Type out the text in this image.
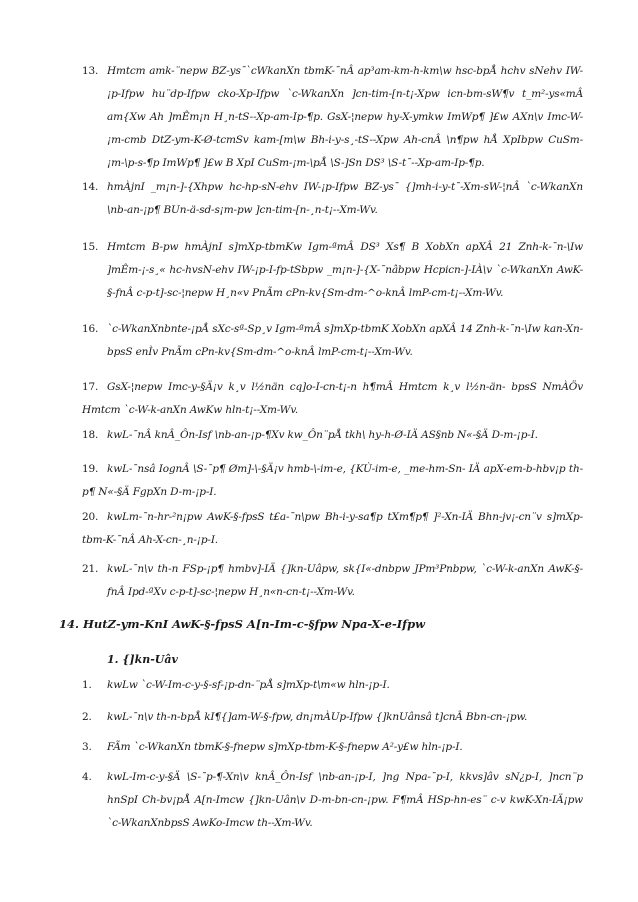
13. Hmtcm amk-¨nepw BZ-ys¯`cWkanXn tbmK-¯nÂ ap³am-km-h-km\w hsc-bpÅ hchv sNehv IW-¡p-Ifpw hu¨dp-Ifpw cko-Xp-Ifpw `c-WkanXn ]cn-tim-[n-t¡-Xpw icn-bm-sW¶v t_m²-ys«mÂ am{Xw Ah ]mÊm¡n H¸n-tS--Xp-am-Ip-¶p. GsX-¦nepw hy-X-ymkw ImWp¶ ]£w AXn\v Imc-W-¡m-cmb DtZ-ym-K-Ø-tcmSv kam-[m\w Bh-i-y-s¸-tS--Xpw Ah-cnÂ \n¶pw hÅ XpIbpw CuSm-¡m-\p-s-¶p ImWp¶ ]£w B XpI CuSm-¡m-\pÅ \S-]Sn DS³ \S-t¯--Xp-am-Ip-¶p.
14. hmÀjnI _m¡n-]-{Xhpw hc-hp-sN-ehv IW-¡p-Ifpw BZ-ys¯ {]mh-i-y-t¯-Xm-sW-¦nÂ `c-WkanXn \nb-an-¡p¶ BUn-ä-sd-s¡m-pw ]cn-tim-[n-¸n-t¡--Xm-Wv.
15. Hmtcm B-pw hmÀjnI s]mXp-tbmKw Igm-ªmÂ DS³ Xs¶ B XobXn apXÂ 21 Znh-k-¯n-\Iw ]mÊm-¡-s¸« hc-hvsN-ehv IW-¡p-I-fp-tSbpw _m¡n-]-{X-¯nâbpw Hcpicn-]-IÀ\v `c-WkanXn AwK-§-fnÂ c-p-t]-sc-¦nepw H¸n«v PnÃm cPn-kv{Sm-dm-^o-knÂ lmP-cm-t¡--Xm-Wv.
16. `c-WkanXnbnte-¡pÅ sXc-sª-Sp¸v Igm-ªmÂ s]mXp-tbmK XobXn apXÂ 14 Znh-k-¯n-\Iw kan-Xn-bpsS enÌv PnÃm cPn-kv{Sm-dm-^o-knÂ lmP-cm-t¡--Xm-Wv.
17. GsX-¦nepw Imc-y-§Ä¡v k¸v l½nän cq]o-I-cn-t¡-n h¶mÂ Hmtcm k¸v l½n-än- bpsS NmÀÖv Hmtcm `c-W-k-anXn AwKw hln-t¡--Xm-Wv.
18. kwL-¯nÂ knÂ_Ôn-Isf \nb-an-¡p-¶Xv kw_Ôn¨pÅ tkh\ hy-h-Ø-IÄ AS§nb N«-§Ä D-m-¡p-I.
19. kwL-¯nsâ IognÂ \S-¯p¶ Øm]-\-§Ä¡v hmb-\-im-e, {KÙ-im-e, _me-hm-Sn- IÄ apX-em-b-hbv¡p th-p¶ N«-§Ä FgpXn D-m-¡p-I.
20. kwLm-¯n-hr-²n¡pw AwK-§-fpsS t£a-¯n\pw Bh-i-y-sa¶p tXm¶p¶ ]²-Xn-IÄ Bhn-jv¡-cn¨v s]mXp-tbm-K-¯nÂ Ah-X-cn-¸n-¡p-I.
21. kwL-¯n\v th-n FSp-¡p¶ hmbv]-IÄ {]kn-Uâpw, sk{I«-dnbpw JPm³Pnbpw, `c-W-k-anXn AwK-§-fnÂ Ipd-ªXv c-p-t]-sc-¦nepw H¸n«n-cn-t¡--Xm-Wv.
14. HutZ-ym-KnI AwK-§-fpsS A[n-Im-c-§fpw Npa-X-e-Ifpw
1. {]kn-Uâv
1.	kwLw `c-W-Im-c-y-§-sf-¡p-dn-¨pÅ s]mXp-t\m«w hln-¡p-I.
2.	kwL-¯n\v th-n-bpÅ kI¶{]am-W-§-fpw, dn¡mÀUp-Ifpw {]knUânsâ t]cnÂ Bbn-cn-¡pw.
3.	FÃm `c-WkanXn tbmK-§-fnepw s]mXp-tbm-K-§-fnepw A²-y£w hln-¡p-I.
4.	kwL-Im-c-y-§Ä \S-¯p-¶-Xn\v knÂ_Ôn-Isf \nb-an-¡p-I, ]ng Npa-¯p-I, kkvs]âv sN¿p-I, ]ncn¨p hnSpI Ch-bv¡pÅ A[n-Imcw {]kn-Uân\v D-m-bn-cn-¡pw. F¶mÂ HSp-hn-es¨ c-v kwK-Xn-IÄ¡pw `c-WkanXnbpsS AwKo-Imcw th--Xm-Wv.
